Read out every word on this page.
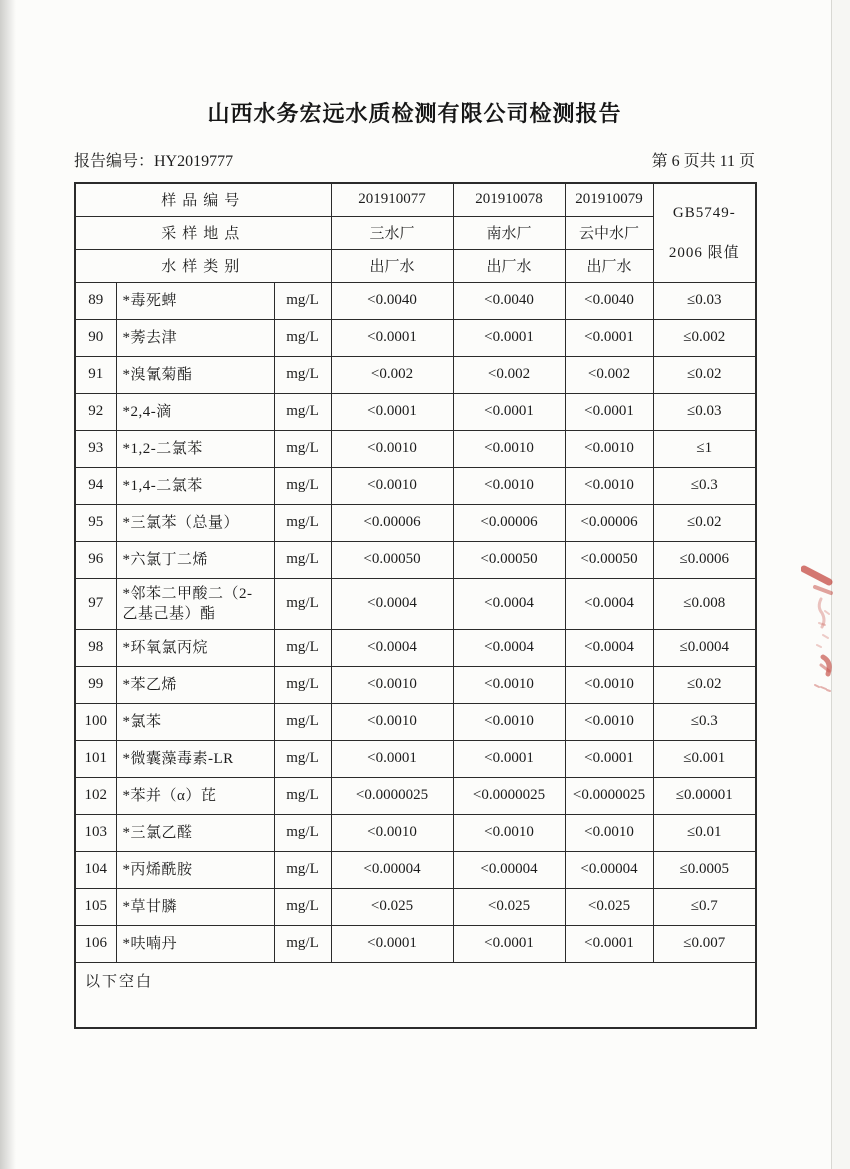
山西水务宏远水质检测有限公司检测报告
报告编号：HY2019777	第 6 页共 11 页
样品编号			201910077	201910078	201910079	GB5749-
2006 限值

采样地点			三水厂	南水厂	云中水厂	
水样类别			出厂水	出厂水	出厂水	
89	*毒死蜱	mg/L	<0.0040	<0.0040	<0.0040	≤0.03
90	*莠去津	mg/L	<0.0001	<0.0001	<0.0001	≤0.002
91	*溴氰菊酯	mg/L	<0.002	<0.002	<0.002	≤0.02
92	*2,4-滴	mg/L	<0.0001	<0.0001	<0.0001	≤0.03
93	*1,2-二氯苯	mg/L	<0.0010	<0.0010	<0.0010	≤1
94	*1,4-二氯苯	mg/L	<0.0010	<0.0010	<0.0010	≤0.3
95	*三氯苯（总量）	mg/L	<0.00006	<0.00006	<0.00006	≤0.02
96	*六氯丁二烯	mg/L	<0.00050	<0.00050	<0.00050	≤0.0006
97	*邻苯二甲酸二（2-乙基己基）酯	mg/L	<0.0004	<0.0004	<0.0004	≤0.008
98	*环氧氯丙烷	mg/L	<0.0004	<0.0004	<0.0004	≤0.0004
99	*苯乙烯	mg/L	<0.0010	<0.0010	<0.0010	≤0.02
100	*氯苯	mg/L	<0.0010	<0.0010	<0.0010	≤0.3
101	*微囊藻毒素-LR	mg/L	<0.0001	<0.0001	<0.0001	≤0.001
102	*苯并（α）芘	mg/L	<0.0000025	<0.0000025	<0.0000025	≤0.00001
103	*三氯乙醛	mg/L	<0.0010	<0.0010	<0.0010	≤0.01
104	*丙烯酰胺	mg/L	<0.00004	<0.00004	<0.00004	≤0.0005
105	*草甘膦	mg/L	<0.025	<0.025	<0.025	≤0.7
106	*呋喃丹	mg/L	<0.0001	<0.0001	<0.0001	≤0.007
以下空白						
